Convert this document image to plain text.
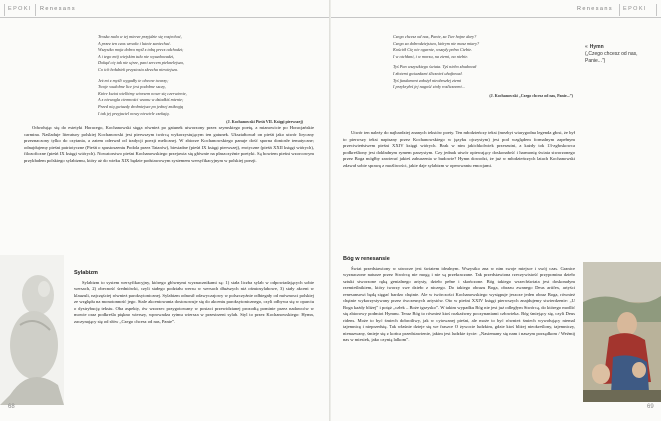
EPOKI Renesans
Troska rada w tej mierze przyjdzie się rozjechać,
A przez ten czas wesoła i lutnie zaniechać.
Wszystko moja dobra myśl z tobą precz odchodzi;
A i tego mój wiejskim tułu nie wyuzdowadzi,
Dokąd cię tak nie ujrze, pani sercem pieknelejsza,
Co ich hołubiek przystosia skrzcha niewiejsza.
Jeż mi z myśli wygadły te obecne twarzy;
Twoje wudobne lice jest podobne szczy,
Które kwiat wielbimy wiorsem nowe się czerwienie,
A z niewagla ciemności wsonu w dziadkiś mienie;
Przed nią gwiazdy drobniejsze po jednej zniknąją
I tak jej przyjaciel nowy niewiele czekają.
(J. Kochanowski Pieśń VII. Księgi pierwszej)

Odwołując się do estetyki Horacego, Kochanowski sięga również po gatunek utworzony przez rzymskiego poetę, a mianowicie po Horacjańskie carmina. Naśladuje literatury polskiej Kochanowski jest pierwszym twórcą wykorzystującym ten gatunek. Ukształtował on pieśń jako utwór liryczny przeznaczony tylko do czytania, a zatem oderwał od tradycji poezji melicznej. W zbiorze Kochanowskiego panuje dość sporna doniosłe tematyczne; odnajdujemy pieśni patriotyczne (Pieśń o spustoszeniu Podola przez Tatarów), biesiadne (pieśń IX księgi pierwszej), erotyczne (pieśń XXII księgi wtórych), filozoficzne (pieśń IX księgi wtórych). Nowatorstwo pieśni Kochanowskiego przejawia się głównie na płaszczyźnie poetyki. Są bowiem pieśni wzorcowym przykładem polskiego sylabizmu, który aż do wieku XIX będzie podstawowym systemem wersyfikacyjnym w polskiej poezji.

Sylabizm

Sylabizm to system wersyfikacyjny, którego głównymi wyznacznikami są: 1) stała liczba sylab w odpowiadających sobie wersach, 2) obecność średniówki, czyli stałego podziału wersu w wersach dłuższych niż ośmiosylabowe, 3) stały akcent w klauzuli, najczęściej również paroksytonicznej. Sylabizm odnosił odzwyczajowy w polszczyźnie odbiegały od mównosci polskiej ze względu na monotonność jego. Stale akcentowania dostosowuje się do akcentu paroksytonicznego, czyli odbywa się w oparciu o dystrybucję tekstu. Oba aspekty, ów wzorzec przygotowany w postaci przewidzianej prozodią pominie przez nadawców w mowie oraz podkreśla piękno wierszy, wprowadza rytmu wiersza w przestrzeni sylab. Styl to przez Kochanowskiego: Hymn, zaczynający się od słów „Czego chcesz od nas, Panie”.

68
Renesans EPOKI
Czego chcesz od nas, Panie, za Twe hojne dary?
Czego za dobrodziejstwa, którym nie masz miary?
Kościół Cię nie ogarnie, wszędy pełno Ciebie.
I w otchłani, i w morzu, na ziemi, na niebie.
Tyś Pan wszystkiego świata. Tyś niebo zbudował
I złotemi gwiazdami ślicznieś uhaftował.
Tyś fundament założył nieobeszłej ziemi
I przykryłeś jej nagość zioły rozlicznemi...
(J. Kochanowski „Czego chcesz od nas, Panie...”)
« Hymn
(„Czego chcesz od nas, Panie...”)

Utwór ten należy do najbardziej znanych tekstów poety. Ten młodzieńczy tekst (mezbyt wiarygodna legenda głosi, że był to pierwszy tekst napisany przez Kochanowskiego w języku ojczystym) jest pod względem formalnym zapełnym przeciwieństwem pieśni XXIV księgi wtórych. Brak w nim jakichkolwiek przerzutni, a każdy tok 13-zgłoskowca podkreśliony jest dokładnym rymem parzystym. Czy jednak utwór opiewający doskonałość i harmonię świata stworzonego przez Boga mógłby zawierać jakieś zaburzenia w budowie? Hymn dowodzi, że już w młodzieńczych latach Kochanowski zdawał sobie sprawę z możliwości, jakie daje sylabizm w operowaniu emocjami.

Bóg w renesansie

Świat przedstawiony w utworze jest światem idealnym. Wszystko zna w nim swoje miejsce i swój czas. Granice wyznaczone naturze przez Stwórcę nie mogą i nie są przekraczane. Tak przedstawiona rzeczywistość przypomina dzieło sztuki stworzone ręką genialnego artysty, dzieło pełne i skończone. Bóg takiego wszechświata jest doskonałym rzemieślnikiem, który tworzy swe dzieło z niczego. Do takiego obrazu Boga, obrazu zwanego Deus artifex, artyści renesansowi będą sięgać bardzo chętnie. Ale w twórczości Kochanowskiego występuje jeszcze jeden obraz Boga, również chętnie wykorzystywany przez ówczesnych artystów. Oto w pieśni XXIV księgi pierwszych znajdujemy stwierdzenie: „U Boga każdy bliżej” i potęż „człek – Boże igrzysko”. W takim wypadku Bóg nie jest już odległym Stwórcą, do którego modlić się zbiorowy podmiot Hymnu. Teraz Bóg to również ktoś rozkaźwny poczynaniami człowieka. Bóg śmiejący się, czyli Deus ridens. Może to być śmiech dobrotliwy, jak w cytowanej pieśni, ale może to być również śmiech wywołujący niemal tajemnicę i nieprzedsię. Tak właśnie dzieje się we fraszce O żywocie ludzkim, gdzie ktoś bliżej nieokreślony, tajemniczy, nienazwany, śmieje się z końca przedstawienie, jakim jest ludzkie życie: „Nasiemany się nam i naszym porządkom / Weźmij nas w miesiek, jako czynią lalkom”.

69
